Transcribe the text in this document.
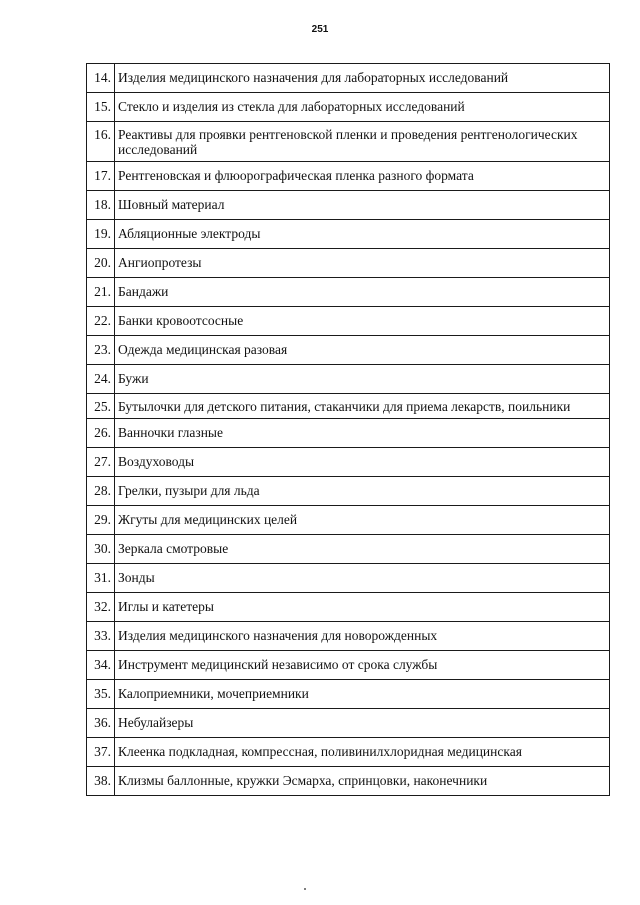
251
14.	Изделия медицинского назначения для лабораторных исследований
15.	Стекло и изделия из стекла для лабораторных исследований
16.	Реактивы для проявки рентгеновской пленки и проведения рентгенологических исследований
17.	Рентгеновская и флюорографическая пленка разного формата
18.	Шовный материал
19.	Абляционные электроды
20.	Ангиопротезы
21.	Бандажи
22.	Банки кровоотсосные
23.	Одежда медицинская разовая
24.	Бужи
25.	Бутылочки для детского питания, стаканчики для приема лекарств, поильники
26.	Ванночки глазные
27.	Воздуховоды
28.	Грелки, пузыри для льда
29.	Жгуты для медицинских целей
30.	Зеркала смотровые
31.	Зонды
32.	Иглы и катетеры
33.	Изделия медицинского назначения для новорожденных
34.	Инструмент медицинский независимо от срока службы
35.	Калоприемники, мочеприемники
36.	Небулайзеры
37.	Клеенка подкладная, компрессная, поливинилхлоридная медицинская
38.	Клизмы баллонные, кружки Эсмарха, спринцовки, наконечники
